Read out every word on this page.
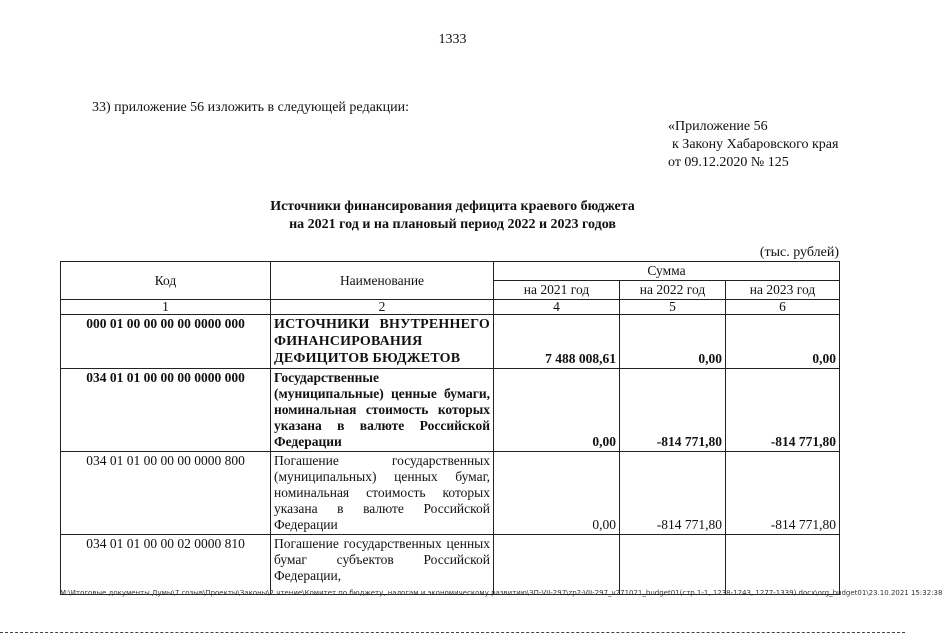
1333
33) приложение 56 изложить в следующей редакции:
«Приложение 56
к Закону Хабаровского края
от 09.12.2020 № 125
Источники финансирования дефицита краевого бюджета
на 2021 год и на плановый период 2022 и 2023 годов
(тыс. рублей)
Код	Наименование	Сумма		
		на 2021 год	на 2022 год	на 2023 год
1	2	4	5	6
000 01 00 00 00 00 0000 000	ИСТОЧНИКИ ВНУТРЕННЕГО ФИНАНСИРОВАНИЯ ДЕФИЦИТОВ БЮДЖЕТОВ	7 488 008,61	0,00	0,00
034 01 01 00 00 00 0000 000	Государственные (муниципальные) ценные бумаги, номинальная стоимость которых указана в валюте Российской Федерации	0,00	-814 771,80	-814 771,80
034 01 01 00 00 00 0000 800	Погашение государственных (муниципальных) ценных бумаг, номинальная стоимость которых указана в валюте Российской Федерации	0,00	-814 771,80	-814 771,80
034 01 01 00 00 02 0000 810	Погашение государственных ценных бумаг субъектов Российской Федерации,			
M:\Итоговые документы Думы\7 созыв\Проекты\Законы\2 чтение\Комитет по бюджету, налогам и экономическому развитию\ЗП-VII-297\zp2-VII-297_v271021_budget01(стр.1-1, 1238-1243, 1277-1339).docx\org_budget01\23.10.2021 15:32:38
